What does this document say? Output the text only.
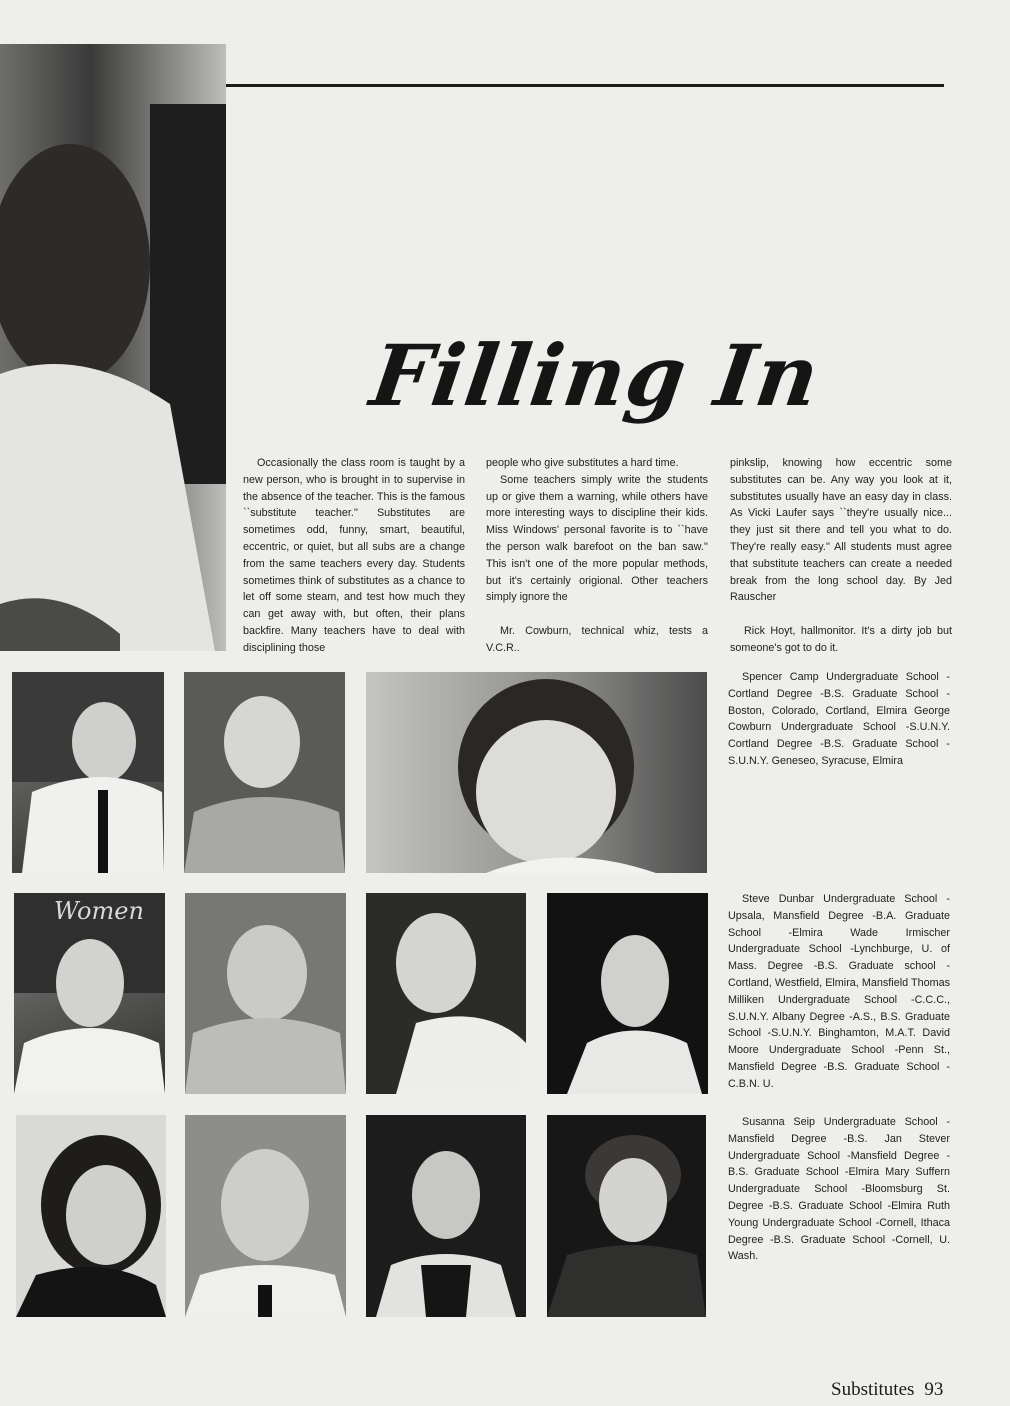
Filling In

Occasionally the class room is taught by a new person, who is brought in to supervise in the absence of the teacher. This is the famous ``substitute teacher.'' Substitutes are sometimes odd, funny, smart, beautiful, eccentric, or quiet, but all subs are a change from the same teachers every day. Students sometimes think of substitutes as a chance to let off some steam, and test how much they can get away with, but often, their plans backfire. Many teachers have to deal with disciplining those

people who give substitutes a hard time.

Some teachers simply write the students up or give them a warning, while others have more interesting ways to discipline their kids. Miss Windows' personal favorite is to ``have the person walk barefoot on the ban saw.'' This isn't one of the more popular methods, but it's certainly origional. Other teachers simply ignore the

Mr. Cowburn, technical whiz, tests a V.C.R..

pinkslip, knowing how eccentric some substitutes can be. Any way you look at it, substitutes usually have an easy day in class. As Vicki Laufer says ``they're usually nice... they just sit there and tell you what to do. They're really easy.'' All students must agree that substitute teachers can create a needed break from the long school day. By Jed Rauscher

Rick Hoyt, hallmonitor. It's a dirty job but someone's got to do it.

Spencer Camp Undergraduate School - Cortland Degree -B.S. Graduate School - Boston, Colorado, Cortland, Elmira George Cowburn Undergraduate School -S.U.N.Y. Cortland Degree -B.S. Graduate School - S.U.N.Y. Geneseo, Syracuse, Elmira
Women	Steve Dunbar Undergraduate School - Upsala, Mansfield Degree -B.A. Graduate School -Elmira Wade Irmischer Undergraduate School -Lynchburge, U. of Mass. Degree -B.S. Graduate school -Cortland, Westfield, Elmira, Mansfield Thomas Milliken Undergraduate School -C.C.C., S.U.N.Y. Albany Degree -A.S., B.S. Graduate School -S.U.N.Y. Binghamton, M.A.T. David Moore Undergraduate School -Penn St., Mansfield Degree -B.S. Graduate School -C.B.N. U.
Susanna Seip Undergraduate School - Mansfield Degree -B.S. Jan Stever Undergraduate School -Mansfield Degree -B.S. Graduate School -Elmira Mary Suffern Undergraduate School -Bloomsburg St. Degree -B.S. Graduate School -Elmira Ruth Young Undergraduate School -Cornell, Ithaca Degree -B.S. Graduate School -Cornell, U. Wash.
Substitutes 93
